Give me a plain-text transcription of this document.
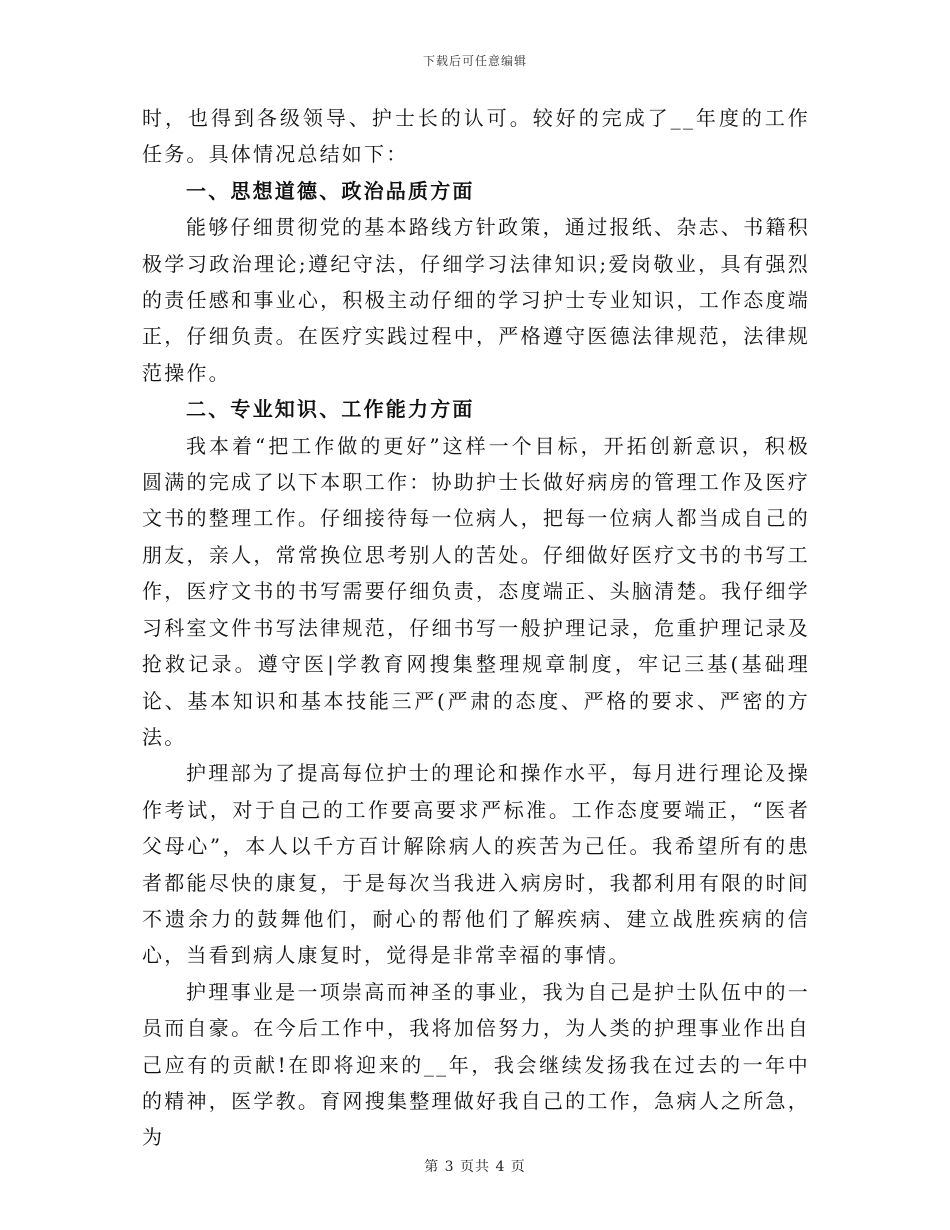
下载后可任意编辑

时，也得到各级领导、护士长的认可。较好的完成了__年度的工作任务。具体情况总结如下：

一、思想道德、政治品质方面

能够仔细贯彻党的基本路线方针政策，通过报纸、杂志、书籍积极学习政治理论;遵纪守法，仔细学习法律知识;爱岗敬业，具有强烈的责任感和事业心，积极主动仔细的学习护士专业知识，工作态度端正，仔细负责。在医疗实践过程中，严格遵守医德法律规范，法律规范操作。

二、专业知识、工作能力方面

我本着“把工作做的更好”这样一个目标，开拓创新意识，积极圆满的完成了以下本职工作：协助护士长做好病房的管理工作及医疗文书的整理工作。仔细接待每一位病人，把每一位病人都当成自己的朋友，亲人，常常换位思考别人的苦处。仔细做好医疗文书的书写工作，医疗文书的书写需要仔细负责，态度端正、头脑清楚。我仔细学习科室文件书写法律规范，仔细书写一般护理记录，危重护理记录及抢救记录。遵守医|学教育网搜集整理规章制度，牢记三基(基础理论、基本知识和基本技能三严(严肃的态度、严格的要求、严密的方法。

护理部为了提高每位护士的理论和操作水平，每月进行理论及操作考试，对于自己的工作要高要求严标准。工作态度要端正，“医者父母心”，本人以千方百计解除病人的疾苦为己任。我希望所有的患者都能尽快的康复，于是每次当我进入病房时，我都利用有限的时间不遗余力的鼓舞他们，耐心的帮他们了解疾病、建立战胜疾病的信心，当看到病人康复时，觉得是非常幸福的事情。

护理事业是一项崇高而神圣的事业，我为自己是护士队伍中的一员而自豪。在今后工作中，我将加倍努力，为人类的护理事业作出自己应有的贡献!在即将迎来的__年，我会继续发扬我在过去的一年中的精神，医学教。育网搜集整理做好我自己的工作，急病人之所急，为

第 3 页共 4 页
